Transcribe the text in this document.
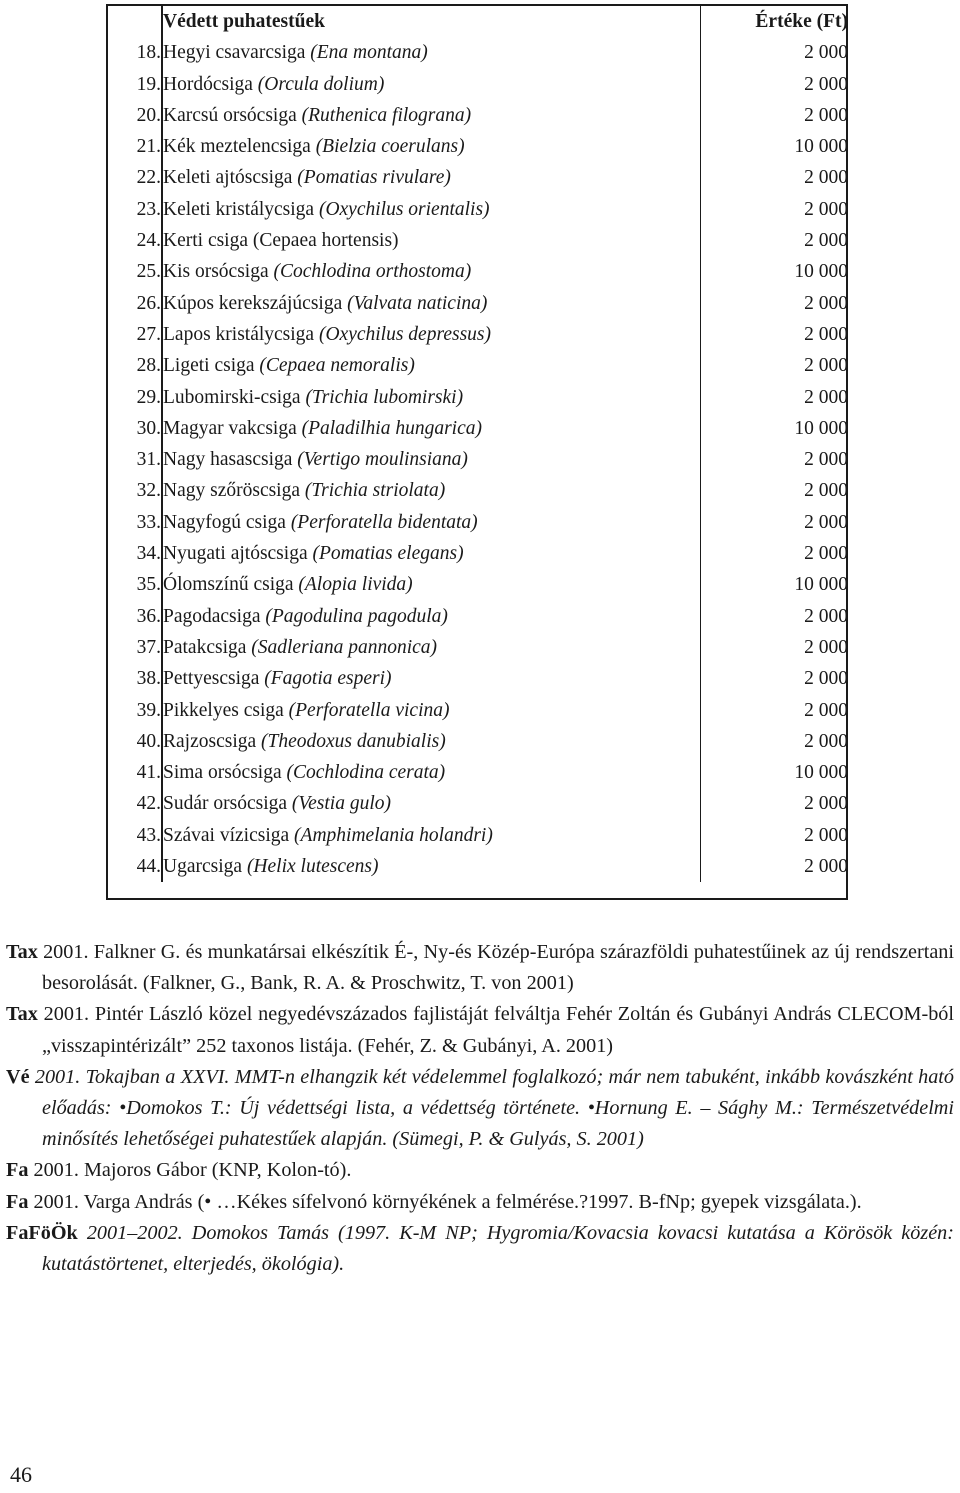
	Védett puhatestűek	Értéke (Ft)
18.	Hegyi csavarcsiga (Ena montana)	2 000
19.	Hordócsiga (Orcula dolium)	2 000
20.	Karcsú orsócsiga (Ruthenica filograna)	2 000
21.	Kék meztelencsiga (Bielzia coerulans)	10 000
22.	Keleti ajtóscsiga (Pomatias rivulare)	2 000
23.	Keleti kristálycsiga (Oxychilus orientalis)	2 000
24.	Kerti csiga (Cepaea hortensis)	2 000
25.	Kis orsócsiga (Cochlodina orthostoma)	10 000
26.	Kúpos kerekszájúcsiga (Valvata naticina)	2 000
27.	Lapos kristálycsiga (Oxychilus depressus)	2 000
28.	Ligeti csiga (Cepaea nemoralis)	2 000
29.	Lubomirski-csiga (Trichia lubomirski)	2 000
30.	Magyar vakcsiga (Paladilhia hungarica)	10 000
31.	Nagy hasascsiga (Vertigo moulinsiana)	2 000
32.	Nagy szőröscsiga (Trichia striolata)	2 000
33.	Nagyfogú csiga (Perforatella bidentata)	2 000
34.	Nyugati ajtóscsiga (Pomatias elegans)	2 000
35.	Ólomszínű csiga (Alopia livida)	10 000
36.	Pagodacsiga (Pagodulina pagodula)	2 000
37.	Patakcsiga (Sadleriana pannonica)	2 000
38.	Pettyescsiga (Fagotia esperi)	2 000
39.	Pikkelyes csiga (Perforatella vicina)	2 000
40.	Rajzoscsiga (Theodoxus danubialis)	2 000
41.	Sima orsócsiga (Cochlodina cerata)	10 000
42.	Sudár orsócsiga (Vestia gulo)	2 000
43.	Szávai vízicsiga (Amphimelania holandri)	2 000
44.	Ugarcsiga (Helix lutescens)	2 000
Tax 2001. Falkner G. és munkatársai elkészítik É-, Ny-és Közép-Európa szárazföldi puhatestűinek az új rendszertani besorolását. (Falkner, G., Bank, R. A. & Proschwitz, T. von 2001)
Tax 2001. Pintér László közel negyedévszázados fajlistáját felváltja Fehér Zoltán és Gubányi András CLECOM-ból „visszapintérizált” 252 taxonos listája. (Fehér, Z. & Gubányi, A. 2001)
Vé 2001. Tokajban a XXVI. MMT-n elhangzik két védelemmel foglalkozó; már nem tabuként, inkább kovászként ható előadás: •Domokos T.: Új védettségi lista, a védettség története. •Hornung E. – Sághy M.: Természetvédelmi minősítés lehetőségei puhatestűek alapján. (Sümegi, P. & Gulyás, S. 2001)
Fa 2001. Majoros Gábor (KNP, Kolon-tó).
Fa 2001. Varga András (• …Kékes sífelvonó környékének a felmérése.?1997. B-fNp; gyepek vizsgálata.).
FaFöÖk 2001–2002. Domokos Tamás (1997. K-M NP; Hygromia/Kovacsia kovacsi kutatása a Körösök közén: kutatástörtenet, elterjedés, ökológia).
46
